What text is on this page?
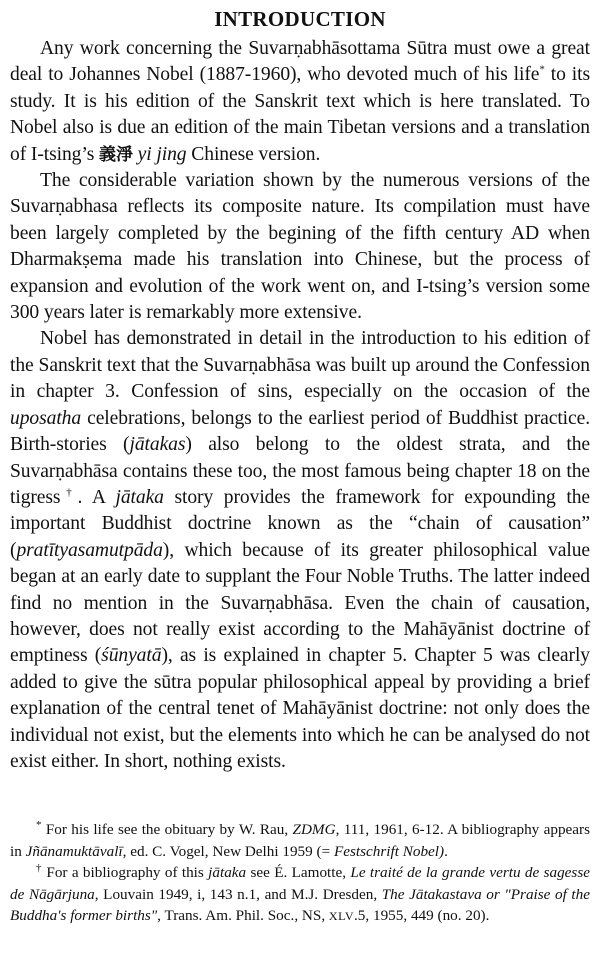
INTRODUCTION

Any work concerning the Suvarṇabhāsottama Sūtra must owe a great deal to Johannes Nobel (1887-1960), who devoted much of his life* to its study. It is his edition of the Sanskrit text which is here translated. To Nobel also is due an edition of the main Tibetan versions and a translation of I-tsing’s 義淨 yi jing Chinese version.

The considerable variation shown by the numerous versions of the Suvarṇabhasa reflects its composite nature. Its compilation must have been largely completed by the begining of the fifth century AD when Dharmakṣema made his translation into Chinese, but the process of expansion and evolution of the work went on, and I-tsing’s version some 300 years later is remarkably more extensive.

Nobel has demonstrated in detail in the introduction to his edition of the Sanskrit text that the Suvarṇabhāsa was built up around the Confession in chapter 3. Confession of sins, especially on the occasion of the uposatha celebrations, belongs to the earliest period of Buddhist practice. Birth-stories (jātakas) also belong to the oldest strata, and the Suvarṇabhāsa contains these too, the most famous being chapter 18 on the tigress†. A jātaka story provides the framework for expounding the important Buddhist doctrine known as the “chain of causation” (pratītyasamutpāda), which because of its greater philosophical value began at an early date to supplant the Four Noble Truths. The latter indeed find no mention in the Suvarṇabhāsa. Even the chain of causation, however, does not really exist according to the Mahāyānist doctrine of emptiness (śūnyatā), as is explained in chapter 5. Chapter 5 was clearly added to give the sūtra popular philosophical appeal by providing a brief explanation of the central tenet of Mahāyānist doctrine: not only does the individual not exist, but the elements into which he can be analysed do not exist either. In short, nothing exists.

* For his life see the obituary by W. Rau, ZDMG, 111, 1961, 6-12. A bibliography appears in Jñānamuktāvalī, ed. C. Vogel, New Delhi 1959 (= Festschrift Nobel).

† For a bibliography of this jātaka see É. Lamotte, Le traité de la grande vertu de sagesse de Nāgārjuna, Louvain 1949, i, 143 n.1, and M.J. Dresden, The Jātakastava or "Praise of the Buddha's former births", Trans. Am. Phil. Soc., NS, XLV.5, 1955, 449 (no. 20).
